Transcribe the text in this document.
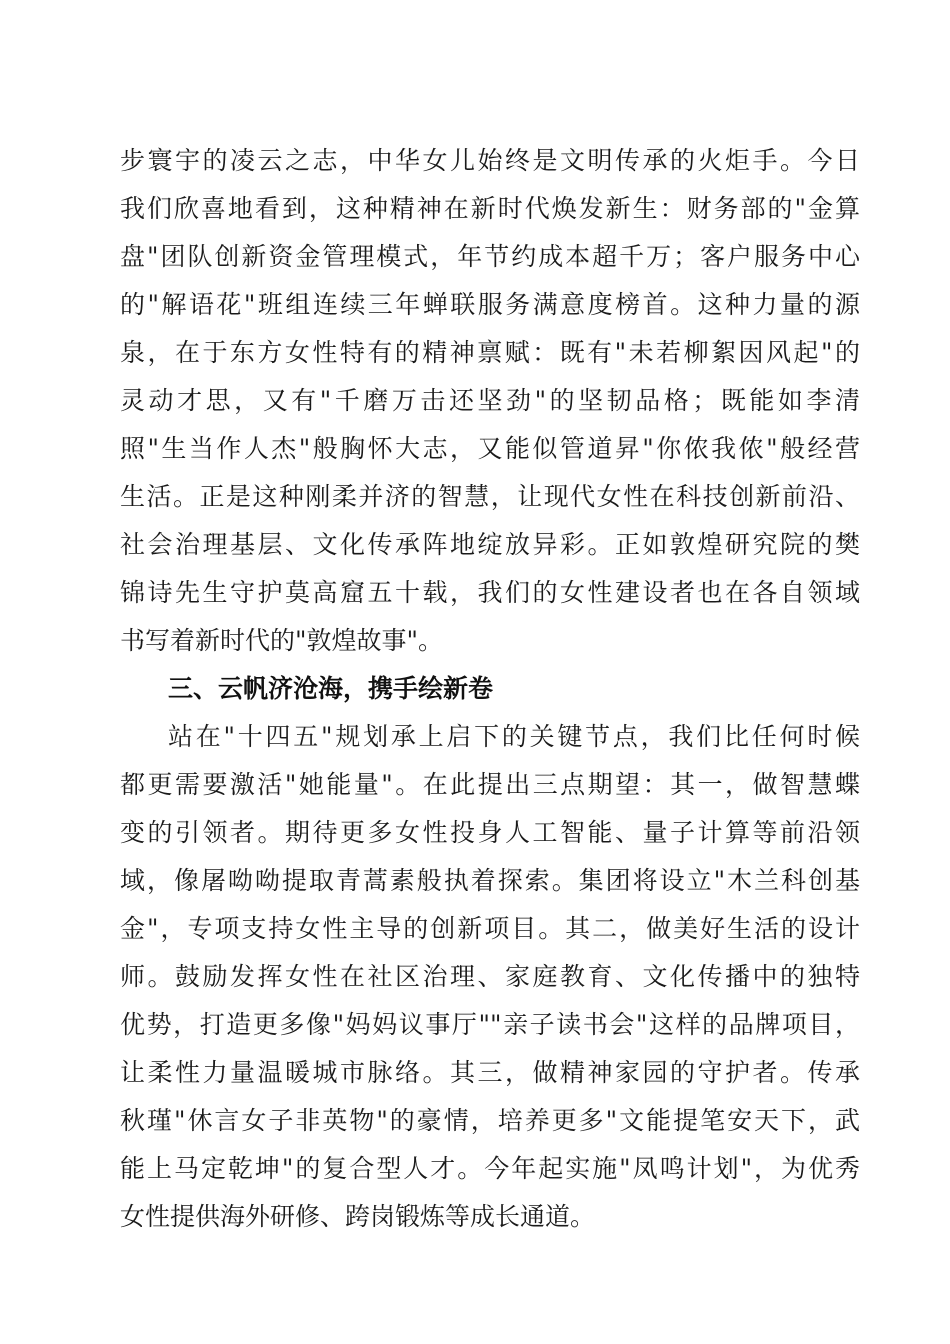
步寰宇的凌云之志，中华女儿始终是文明传承的火炬手。今日
我们欣喜地看到，这种精神在新时代焕发新生：财务部的"金算
盘"团队创新资金管理模式，年节约成本超千万；客户服务中心
的"解语花"班组连续三年蝉联服务满意度榜首。这种力量的源
泉，在于东方女性特有的精神禀赋：既有"未若柳絮因风起"的
灵动才思，又有"千磨万击还坚劲"的坚韧品格；既能如李清
照"生当作人杰"般胸怀大志，又能似管道昇"你侬我侬"般经营
生活。正是这种刚柔并济的智慧，让现代女性在科技创新前沿、
社会治理基层、文化传承阵地绽放异彩。正如敦煌研究院的樊
锦诗先生守护莫高窟五十载，我们的女性建设者也在各自领域
书写着新时代的"敦煌故事"。
三、云帆济沧海，携手绘新卷
站在"十四五"规划承上启下的关键节点，我们比任何时候
都更需要激活"她能量"。在此提出三点期望：其一，做智慧蝶
变的引领者。期待更多女性投身人工智能、量子计算等前沿领
域，像屠呦呦提取青蒿素般执着探索。集团将设立"木兰科创基
金"，专项支持女性主导的创新项目。其二，做美好生活的设计
师。鼓励发挥女性在社区治理、家庭教育、文化传播中的独特
优势，打造更多像"妈妈议事厅""亲子读书会"这样的品牌项目，
让柔性力量温暖城市脉络。其三，做精神家园的守护者。传承
秋瑾"休言女子非英物"的豪情，培养更多"文能提笔安天下，武
能上马定乾坤"的复合型人才。今年起实施"凤鸣计划"，为优秀
女性提供海外研修、跨岗锻炼等成长通道。
